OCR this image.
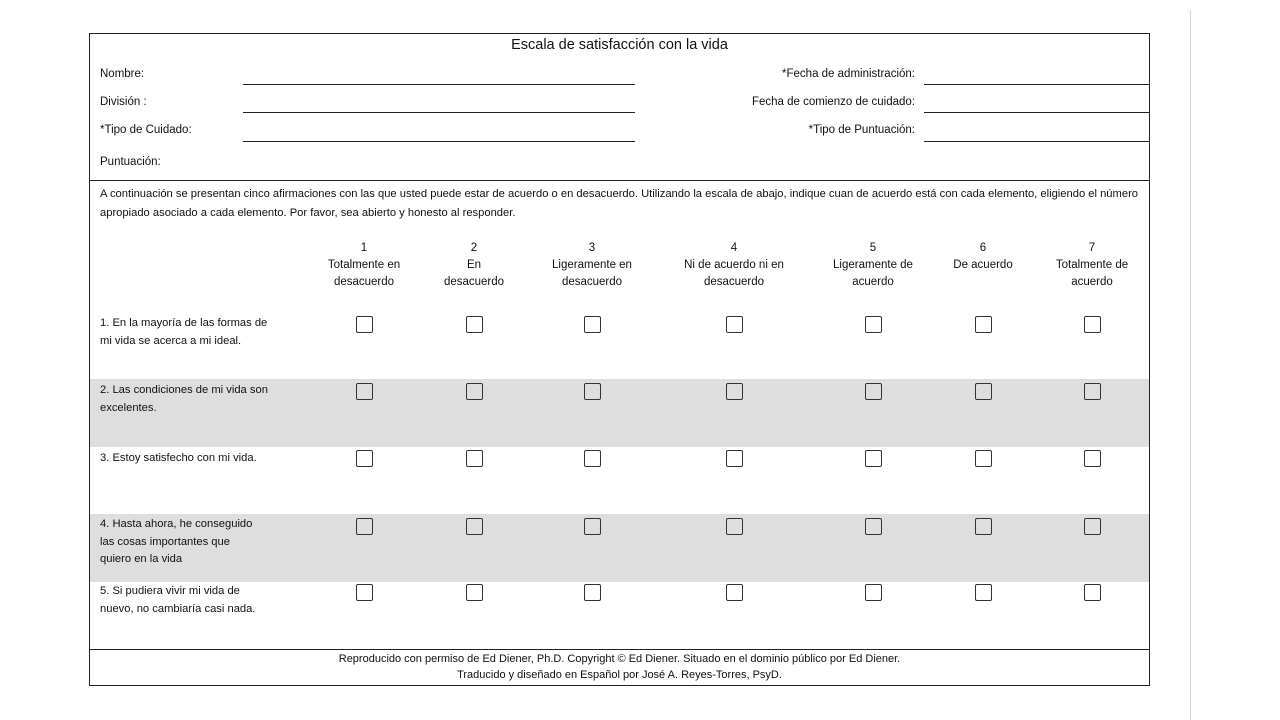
Escala de satisfacción con la vida
Nombre:
División :
*Tipo de Cuidado:
Puntuación:
*Fecha de administración:
Fecha de comienzo de cuidado:
*Tipo de Puntuación:
A continuación se presentan cinco afirmaciones con las que usted puede estar de acuerdo o en desacuerdo. Utilizando la escala de abajo, indique cuan de acuerdo está con cada elemento, eligiendo el número apropiado asociado a cada elemento. Por favor, sea abierto y honesto al responder.
1
Totalmente en
desacuerdo
2
En
desacuerdo
3
Ligeramente en
desacuerdo
4
Ni de acuerdo ni en
desacuerdo
5
Ligeramente de
acuerdo
6
De acuerdo
7
Totalmente de
acuerdo
1. En la mayoría de las formas de
mi vida se acerca a mi ideal.
2. Las condiciones de mi vida son
excelentes.
3. Estoy satisfecho con mi vida.
4. Hasta ahora, he conseguido
las cosas importantes que
quiero en la vida
5. Si pudiera vivir mi vida de
nuevo, no cambiaría casi nada.
Reproducido con permiso de Ed Diener, Ph.D. Copyright © Ed Diener. Situado en el dominio público por Ed Diener.
Traducido y diseñado en Español por José A. Reyes-Torres, PsyD.
